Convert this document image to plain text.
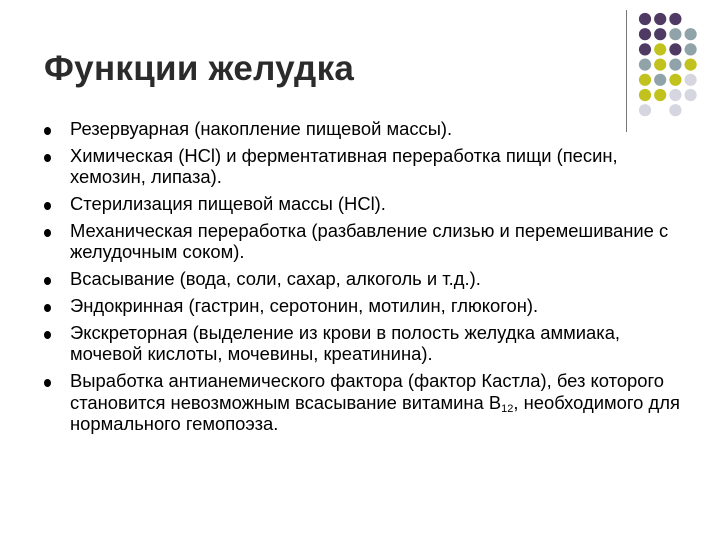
Функции желудка
Резервуарная (накопление пищевой массы).
Химическая (HCl) и ферментативная переработка пищи (песин, хемозин, липаза).
Стерилизация пищевой массы (HCl).
Механическая переработка (разбавление слизью и перемешивание с желудочным соком).
Всасывание (вода, соли, сахар, алкоголь и т.д.).
Эндокринная (гастрин, серотонин, мотилин, глюкогон).
Экскреторная (выделение из крови в полость желудка аммиака, мочевой кислоты, мочевины, креатинина).
Выработка антианемического фактора (фактор Кастла), без которого становится невозможным всасывание витамина $В_{12}$, необходимого для нормального гемопоэза.
